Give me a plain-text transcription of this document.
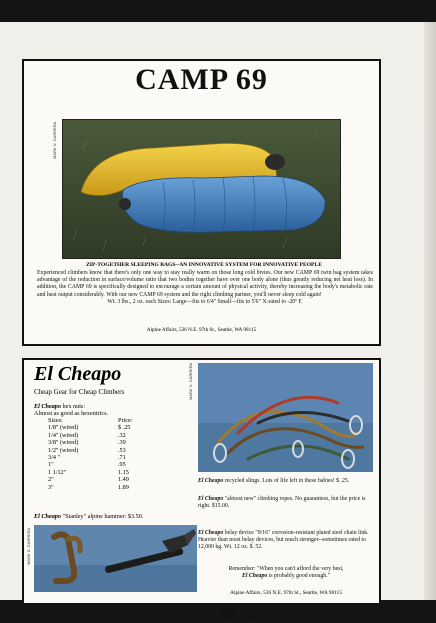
CAMP 69
MARK N. CARRERA
ZIP-TOGETHER SLEEPING BAGS--AN INNOVATIVE SYSTEM FOR INNOVATIVE PEOPLE
Experienced climbers know that there's only one way to stay really warm on those long cold bivies. Our new CAMP 69 twin bag system takes advantage of the reduction in surface/volume ratio that two bodies together have over one body alone (thus greatly reducing net heat loss). In addition, the CAMP 69 is specifically designed to encourage a certain amount of physical activity, thereby increasing the body's metabolic rate and heat output considerably. With our new CAMP 69 system and the right climbing partner, you'll never sleep cold again!
Wt. 3 lbs., 2 oz. each Sizes: Large—fits to 6'4" Small—fits to 5'6" X-rated to -20º F.
Alpine Affairs, 536 N.E. 97th St., Seattle, WA 98115
El Cheapo
Cheap Gear for Cheap Climbers
El Cheapo hex nuts:
Almost as good as hexentrics.
Sizes:	Price:
1/8" (wired)	$ .25
1/4" (wired)	.32
3/8" (wired)	.39
1/2" (wired)	.53
3/4 "	.71
1"	.95
1 1/12"	1.15
2"	1.49
3"	1.89
El Cheapo "Stanley" alpine hammer: $3.50.
MARK N. CARRERA
MARK N. CARRERA
El Cheapo recycled slings. Lots of life left in these babies! $ .25.
El Cheapo "almost new" climbing ropes. No guarantees, but the price is right. $15.00.
El Cheapo belay device "9/16" corrosion-resistant plated steel chain link. Heavier than most belay devices, but much stronger--sometimes rated to 12,000 kg. Wt. 12 oz. $. 52.
Remember: "When you can't afford the very best,
El Cheapo is probably good enough."
Alpine Affairs, 536 N.E. 97th St., Seattle, WA 98115
SCHLOCK 53 VICE
